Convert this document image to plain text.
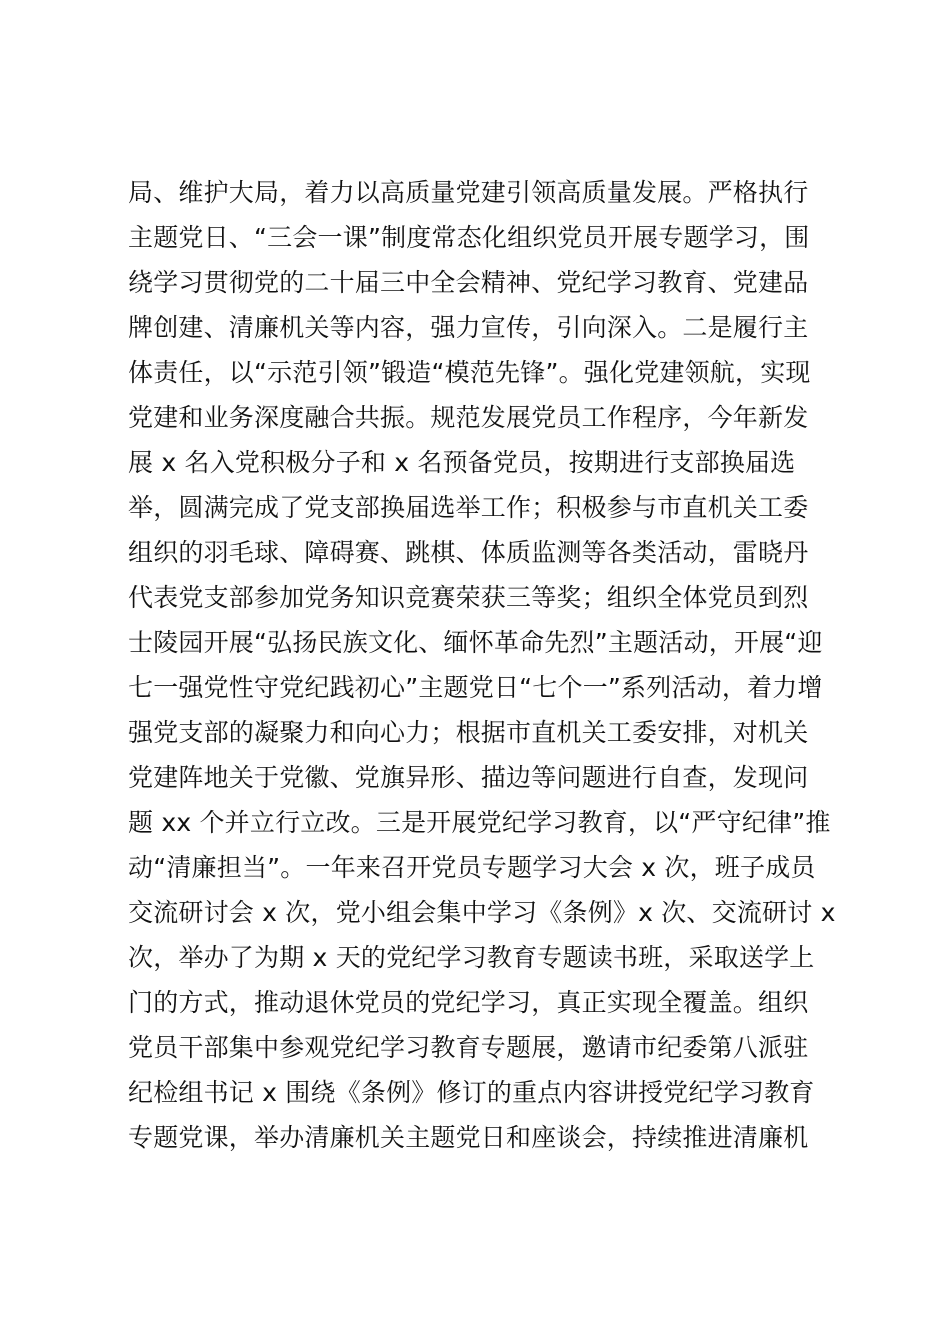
局、维护大局，着力以高质量党建引领高质量发展。严格执行
主题党日、“三会一课”制度常态化组织党员开展专题学习，围
绕学习贯彻党的二十届三中全会精神、党纪学习教育、党建品
牌创建、清廉机关等内容，强力宣传，引向深入。二是履行主
体责任，以“示范引领”锻造“模范先锋”。强化党建领航，实现
党建和业务深度融合共振。规范发展党员工作程序，今年新发
展 x 名入党积极分子和 x 名预备党员，按期进行支部换届选
举，圆满完成了党支部换届选举工作；积极参与市直机关工委
组织的羽毛球、障碍赛、跳棋、体质监测等各类活动，雷晓丹
代表党支部参加党务知识竞赛荣获三等奖；组织全体党员到烈
士陵园开展“弘扬民族文化、缅怀革命先烈”主题活动，开展“迎
七一强党性守党纪践初心”主题党日“七个一”系列活动，着力增
强党支部的凝聚力和向心力；根据市直机关工委安排，对机关
党建阵地关于党徽、党旗异形、描边等问题进行自查，发现问
题 xx 个并立行立改。三是开展党纪学习教育，以“严守纪律”推
动“清廉担当”。一年来召开党员专题学习大会 x 次，班子成员
交流研讨会 x 次，党小组会集中学习《条例》x 次、交流研讨 x
次，举办了为期 x 天的党纪学习教育专题读书班，采取送学上
门的方式，推动退休党员的党纪学习，真正实现全覆盖。组织
党员干部集中参观党纪学习教育专题展，邀请市纪委第八派驻
纪检组书记 x 围绕《条例》修订的重点内容讲授党纪学习教育
专题党课，举办清廉机关主题党日和座谈会，持续推进清廉机
